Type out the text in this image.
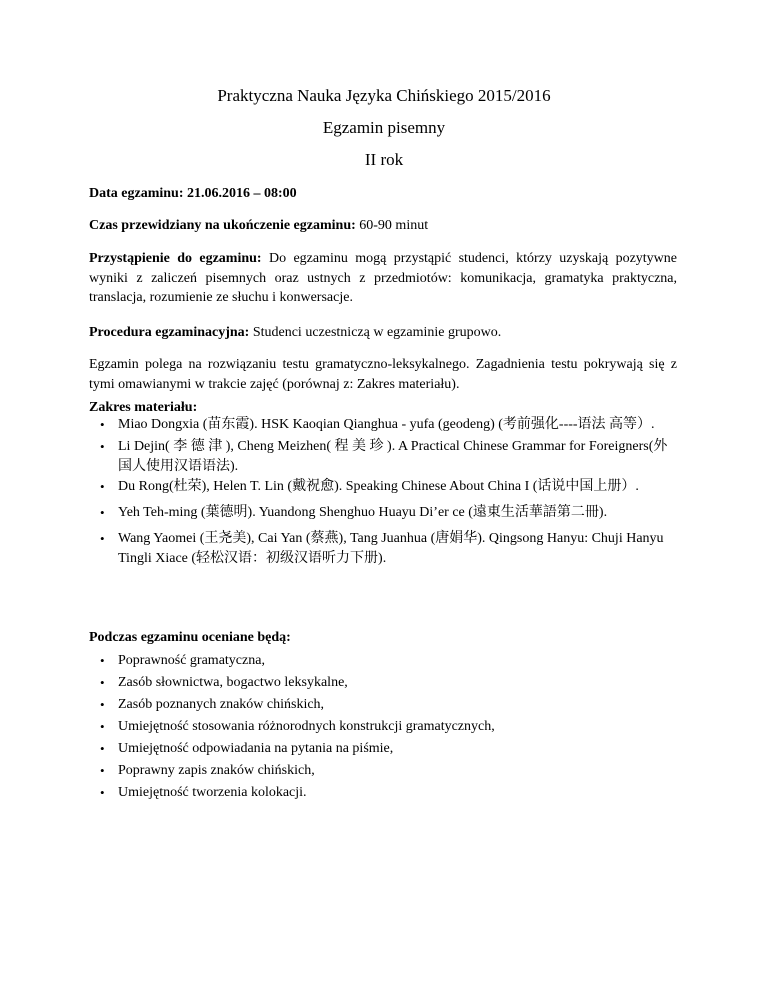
Praktyczna Nauka Języka Chińskiego 2015/2016
Egzamin pisemny
II rok
Data egzaminu: 21.06.2016 – 08:00
Czas przewidziany na ukończenie egzaminu: 60-90 minut
Przystąpienie do egzaminu: Do egzaminu mogą przystąpić studenci, którzy uzyskają pozytywne wyniki z zaliczeń pisemnych oraz ustnych z przedmiotów: komunikacja, gramatyka praktyczna, translacja, rozumienie ze słuchu i konwersacje.
Procedura egzaminacyjna: Studenci uczestniczą w egzaminie grupowo.
Egzamin polega na rozwiązaniu testu gramatyczno-leksykalnego. Zagadnienia testu pokrywają się z tymi omawianymi w trakcie zajęć (porównaj z: Zakres materiału).
Zakres materiału:
• Miao Dongxia (苗东霞). HSK Kaoqian Qianghua - yufa (geodeng) (考前强化----语法 高等）.
• Li Dejin( 李 德 津 ), Cheng Meizhen( 程 美 珍 ). A Practical Chinese Grammar for Foreigners(外国人使用汉语语法).
• Du Rong(杜荣), Helen T. Lin (戴祝愈). Speaking Chinese About China I (话说中国上册）.
• Yeh Teh-ming (葉德明). Yuandong Shenghuo Huayu Di’er ce (遠東生活華語第二冊).
• Wang Yaomei (王尧美), Cai Yan (蔡燕), Tang Juanhua (唐娟华). Qingsong Hanyu: Chuji Hanyu Tingli Xiace (轻松汉语：初级汉语听力下册).
Podczas egzaminu oceniane będą:
• Poprawność gramatyczna,
• Zasób słownictwa, bogactwo leksykalne,
• Zasób poznanych znaków chińskich,
• Umiejętność stosowania różnorodnych konstrukcji gramatycznych,
• Umiejętność odpowiadania na pytania na piśmie,
• Poprawny zapis znaków chińskich,
• Umiejętność tworzenia kolokacji.
